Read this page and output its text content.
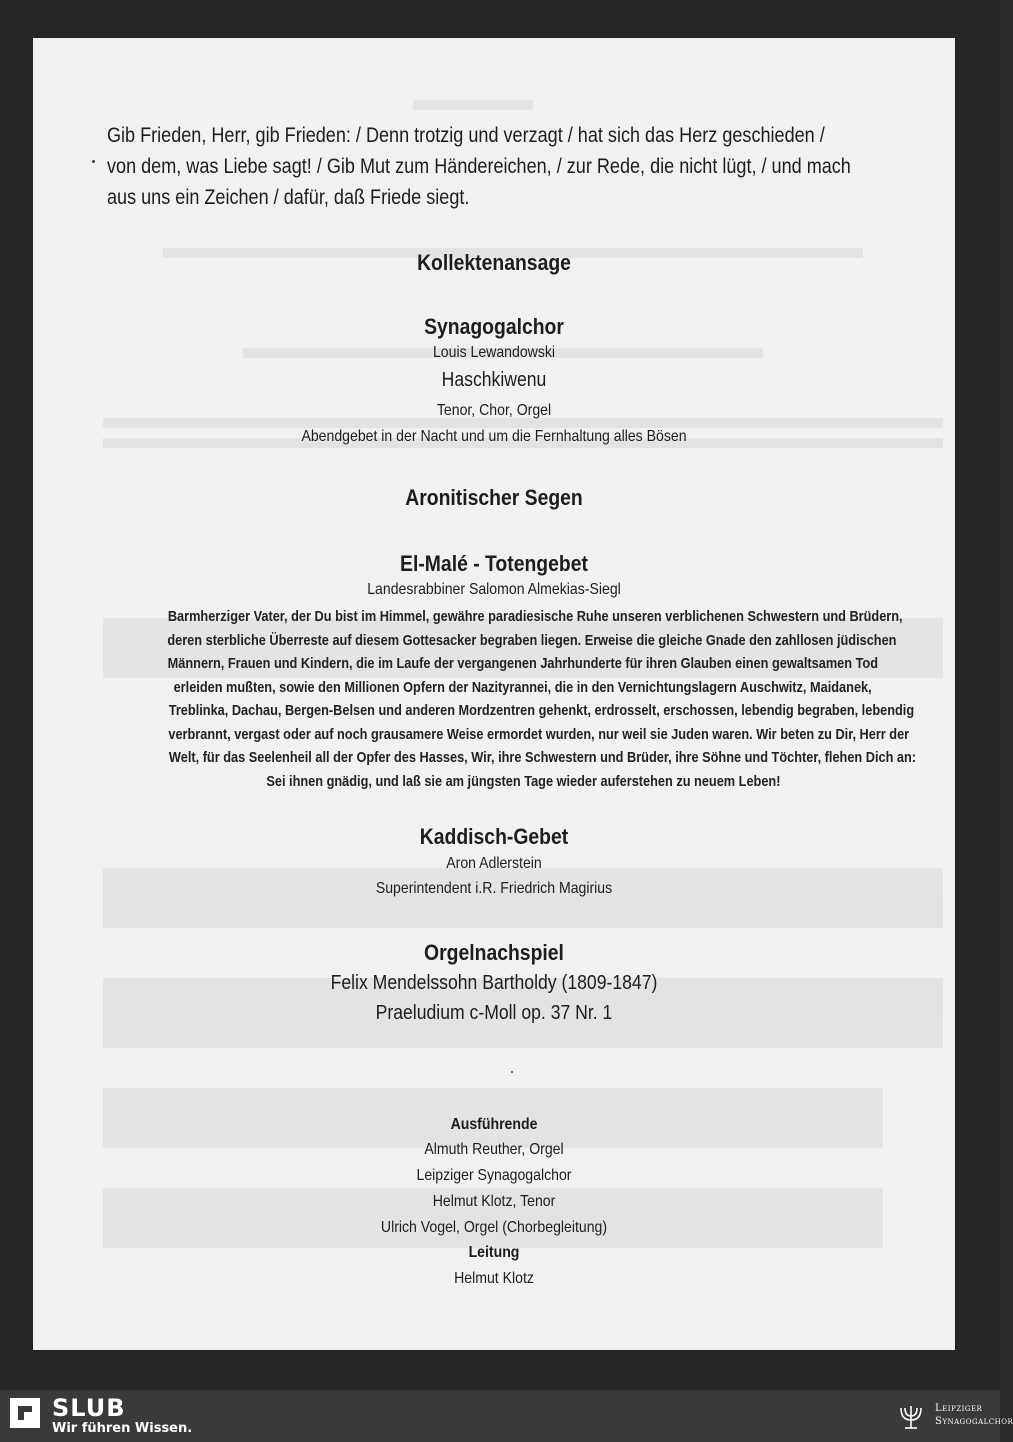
Gib Frieden, Herr, gib Frieden: / Denn trotzig und verzagt / hat sich das Herz geschieden /
von dem, was Liebe sagt! / Gib Mut zum Händereichen, / zur Rede, die nicht lügt, / und mach
aus uns ein Zeichen / dafür, daß Friede siegt.
Kollektenansage
Synagogalchor
Louis Lewandowski
Haschkiwenu
Tenor, Chor, Orgel
Abendgebet in der Nacht und um die Fernhaltung alles Bösen
Aronitischer Segen
El-Malé - Totengebet
Landesrabbiner Salomon Almekias-Siegl
Barmherziger Vater, der Du bist im Himmel, gewähre paradiesische Ruhe unseren verblichenen Schwestern und Brüdern,
deren sterbliche Überreste auf diesem Gottesacker begraben liegen. Erweise die gleiche Gnade den zahllosen jüdischen
Männern, Frauen und Kindern, die im Laufe der vergangenen Jahrhunderte für ihren Glauben einen gewaltsamen Tod
erleiden mußten, sowie den Millionen Opfern der Nazityrannei, die in den Vernichtungslagern Auschwitz, Maidanek,
Treblinka, Dachau, Bergen-Belsen und anderen Mordzentren gehenkt, erdrosselt, erschossen, lebendig begraben, lebendig
verbrannt, vergast oder auf noch grausamere Weise ermordet wurden, nur weil sie Juden waren. Wir beten zu Dir, Herr der
Welt, für das Seelenheil all der Opfer des Hasses, Wir, ihre Schwestern und Brüder, ihre Söhne und Töchter, flehen Dich an:
Sei ihnen gnädig, und laß sie am jüngsten Tage wieder auferstehen zu neuem Leben!
Kaddisch-Gebet
Aron Adlerstein
Superintendent i.R. Friedrich Magirius
Orgelnachspiel
Felix Mendelssohn Bartholdy (1809-1847)
Praeludium c-Moll op. 37 Nr. 1
Ausführende
Almuth Reuther, Orgel
Leipziger Synagogalchor
Helmut Klotz, Tenor
Ulrich Vogel, Orgel (Chorbegleitung)
Leitung
Helmut Klotz
SLUB
Wir führen Wissen.
Leipziger
Synagogalchor
